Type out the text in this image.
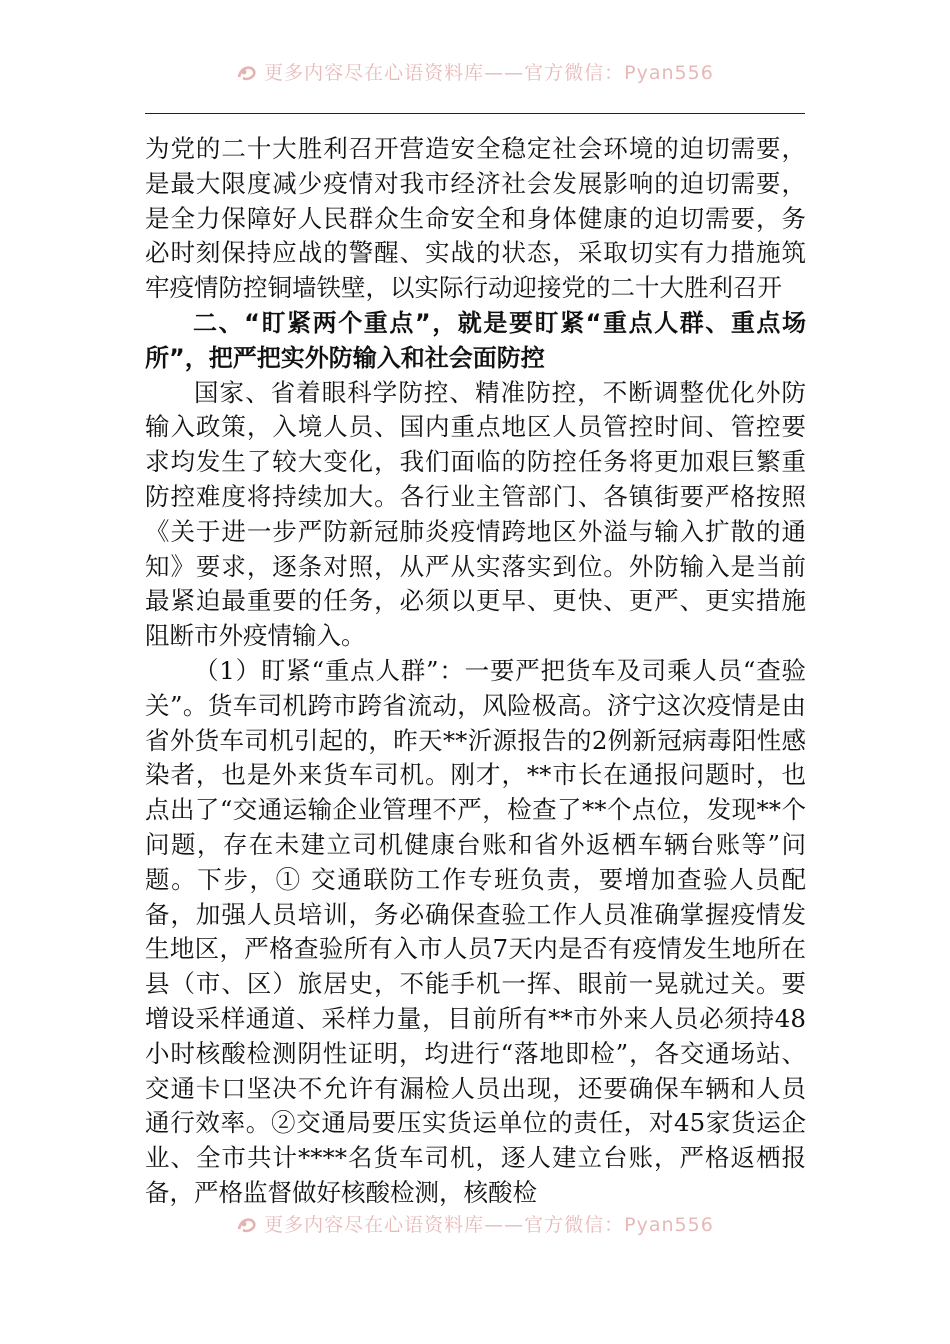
更多内容尽在心语资料库——官方微信：Pyan556

为党的二十大胜利召开营造安全稳定社会环境的迫切需要，是最大限度减少疫情对我市经济社会发展影响的迫切需要，是全力保障好人民群众生命安全和身体健康的迫切需要，务必时刻保持应战的警醒、实战的状态，采取切实有力措施筑牢疫情防控铜墙铁壁，以实际行动迎接党的二十大胜利召开

二、“盯紧两个重点”，就是要盯紧“重点人群、重点场所”，把严把实外防输入和社会面防控

国家、省着眼科学防控、精准防控，不断调整优化外防输入政策，入境人员、国内重点地区人员管控时间、管控要求均发生了较大变化，我们面临的防控任务将更加艰巨繁重防控难度将持续加大。各行业主管部门、各镇街要严格按照《关于进一步严防新冠肺炎疫情跨地区外溢与输入扩散的通知》要求，逐条对照，从严从实落实到位。外防输入是当前最紧迫最重要的任务，必须以更早、更快、更严、更实措施阻断市外疫情输入。

（1）盯紧“重点人群”：一要严把货车及司乘人员“查验关”。货车司机跨市跨省流动，风险极高。济宁这次疫情是由省外货车司机引起的，昨天**沂源报告的2例新冠病毒阳性感染者，也是外来货车司机。刚才，**市长在通报问题时，也点出了“交通运输企业管理不严，检查了**个点位，发现**个问题，存在未建立司机健康台账和省外返栖车辆台账等”问题。下步，① 交通联防工作专班负责，要增加查验人员配备，加强人员培训，务必确保查验工作人员准确掌握疫情发生地区，严格查验所有入市人员7天内是否有疫情发生地所在县（市、区）旅居史，不能手机一挥、眼前一晃就过关。要增设采样通道、采样力量，目前所有**市外来人员必须持48小时核酸检测阴性证明，均进行“落地即检”，各交通场站、交通卡口坚决不允许有漏检人员出现，还要确保车辆和人员通行效率。②交通局要压实货运单位的责任，对45家货运企业、全市共计****名货车司机，逐人建立台账，严格返栖报备，严格监督做好核酸检测，核酸检

更多内容尽在心语资料库——官方微信：Pyan556
